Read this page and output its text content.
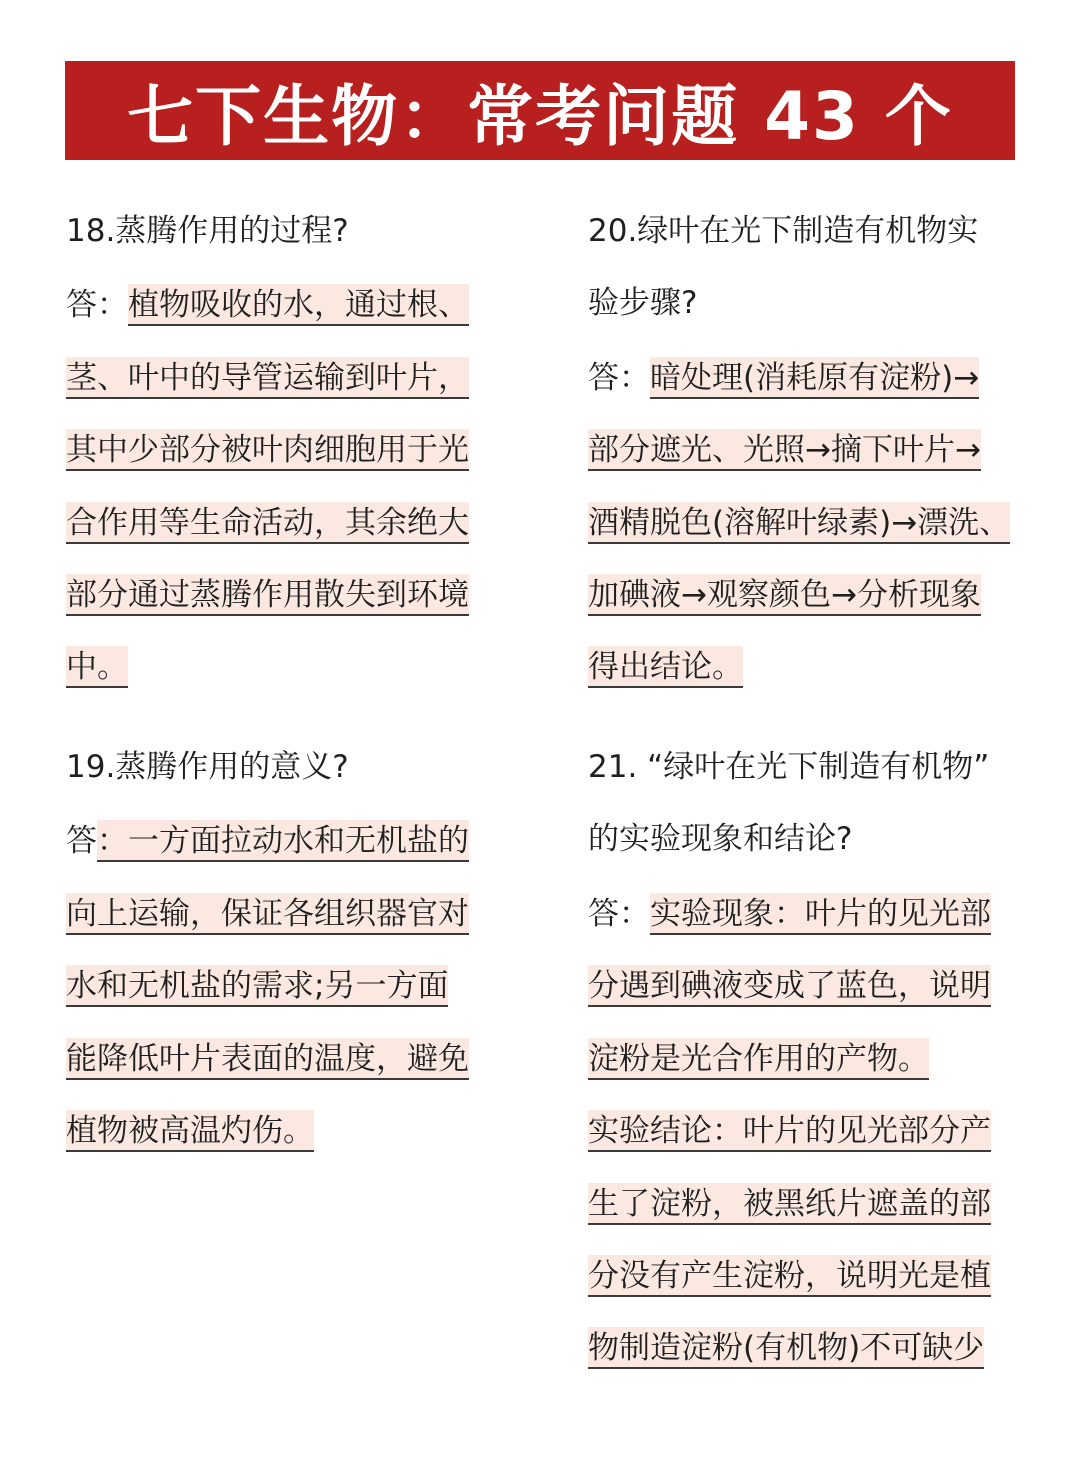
七下生物：常考问题 43 个
18.蒸腾作用的过程?
答：植物吸收的水，通过根、
茎、叶中的导管运输到叶片，
其中少部分被叶肉细胞用于光
合作用等生命活动，其余绝大
部分通过蒸腾作用散失到环境
中。
19.蒸腾作用的意义?
答：一方面拉动水和无机盐的
向上运输，保证各组织器官对
水和无机盐的需求;另一方面
能降低叶片表面的温度，避免
植物被高温灼伤。
20.绿叶在光下制造有机物实
验步骤?
答：暗处理(消耗原有淀粉)→
部分遮光、光照→摘下叶片→
酒精脱色(溶解叶绿素)→漂洗、
加碘液→观察颜色→分析现象
得出结论。
21. “绿叶在光下制造有机物”
的实验现象和结论?
答：实验现象：叶片的见光部
分遇到碘液变成了蓝色，说明
淀粉是光合作用的产物。
实验结论：叶片的见光部分产
生了淀粉，被黑纸片遮盖的部
分没有产生淀粉，说明光是植
物制造淀粉(有机物)不可缺少
